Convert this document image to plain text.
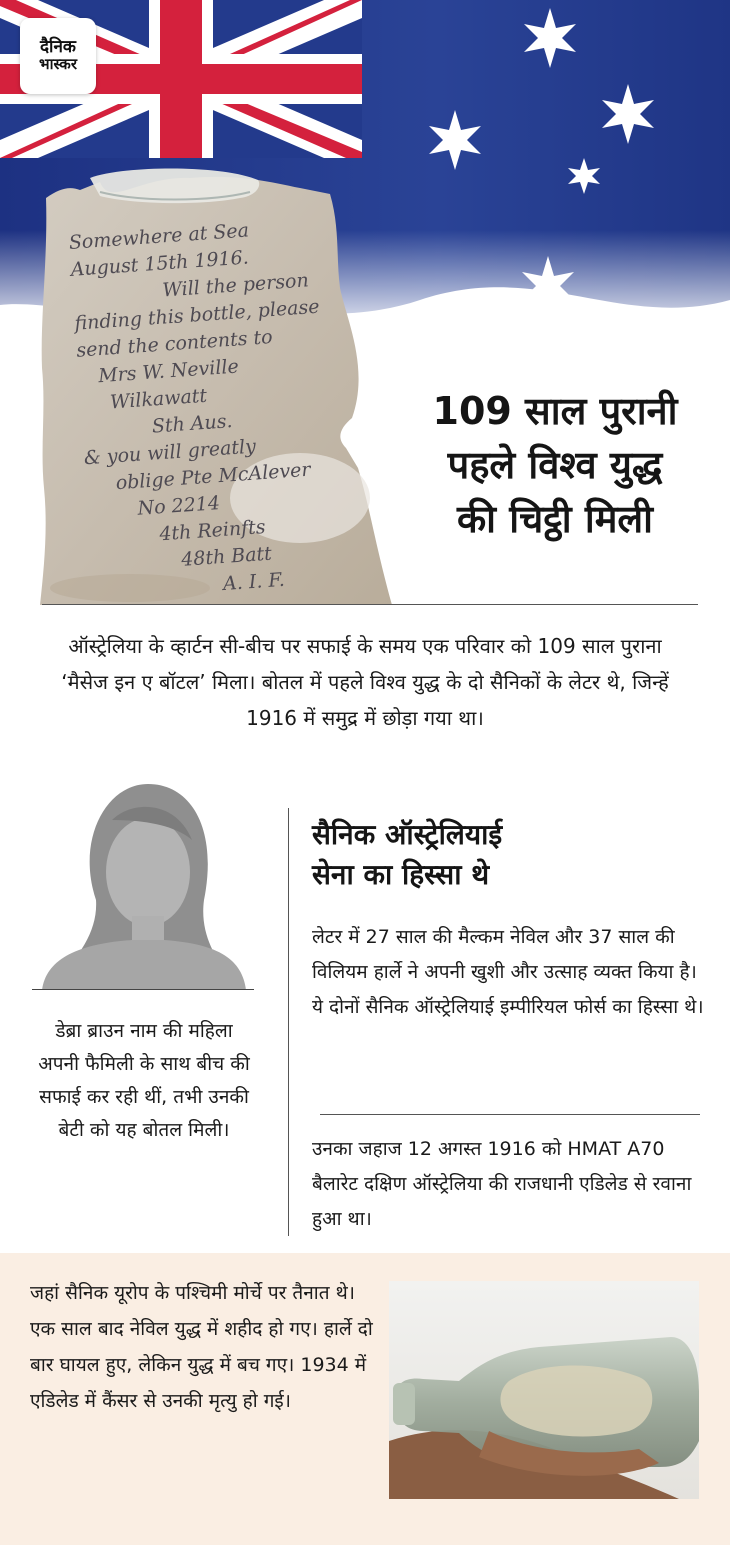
दैनिक
भास्कर
Somewhere at Sea
August 15th 1916.
Will the person
finding this bottle, please
send the contents to
Mrs W. Neville
Wilkawatt
Sth Aus.
& you will greatly
oblige Pte McAlever
No 2214
4th Reinfts
48th Batt
A. I. F.
109 साल पुरानी
पहले विश्व युद्ध
की चिट्ठी मिली

ऑस्ट्रेलिया के व्हार्टन सी-बीच पर सफाई के समय एक परिवार को 109 साल पुराना ‘मैसेज इन ए बॉटल’ मिला। बोतल में पहले विश्व युद्ध के दो सैनिकों के लेटर थे, जिन्हें 1916 में समुद्र में छोड़ा गया था।

डेब्रा ब्राउन नाम की महिला अपनी फैमिली के साथ बीच की सफाई कर रही थीं, तभी उनकी बेटी को यह बोतल मिली।

सैनिक ऑस्ट्रेलियाई
सेना का हिस्सा थे

लेटर में 27 साल की मैल्कम नेविल और 37 साल की विलियम हार्ले ने अपनी खुशी और उत्साह व्यक्त किया है। ये दोनों सैनिक ऑस्ट्रेलियाई इम्पीरियल फोर्स का हिस्सा थे।

उनका जहाज 12 अगस्त 1916 को HMAT A70 बैलारेट दक्षिण ऑस्ट्रेलिया की राजधानी एडिलेड से रवाना हुआ था।

जहां सैनिक यूरोप के पश्चिमी मोर्चे पर तैनात थे। एक साल बाद नेविल युद्ध में शहीद हो गए। हार्ले दो बार घायल हुए, लेकिन युद्ध में बच गए। 1934 में एडिलेड में कैंसर से उनकी मृत्यु हो गई।
